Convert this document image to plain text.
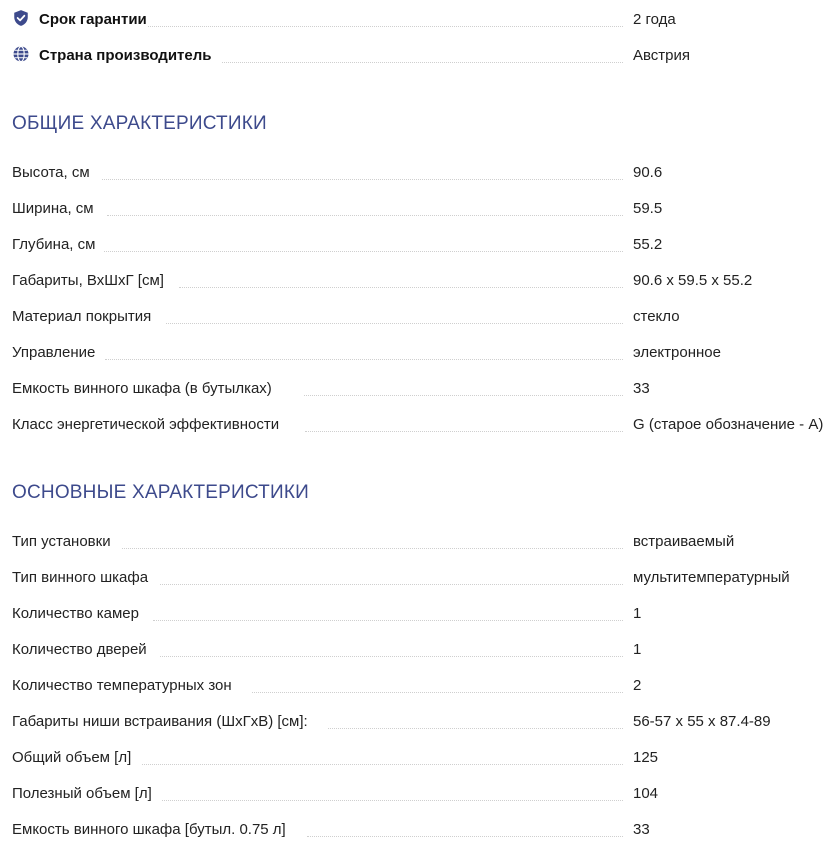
Срок гарантии	2 года
Страна производитель	Австрия
ОБЩИЕ ХАРАКТЕРИСТИКИ
Высота, см	90.6
Ширина, см	59.5
Глубина, см	55.2
Габариты, ВхШхГ [см]	90.6 x 59.5 x 55.2
Материал покрытия	стекло
Управление	электронное
Емкость винного шкафа (в бутылках)	33
Класс энергетической эффективности	G (старое обозначение - A)
ОСНОВНЫЕ ХАРАКТЕРИСТИКИ
Тип установки	встраиваемый
Тип винного шкафа	мультитемпературный
Количество камер	1
Количество дверей	1
Количество температурных зон	2
Габариты ниши встраивания (ШхГхВ) [см]:	56-57 x 55 x 87.4-89
Общий объем [л]	125
Полезный объем [л]	104
Емкость винного шкафа [бутыл. 0.75 л]	33
